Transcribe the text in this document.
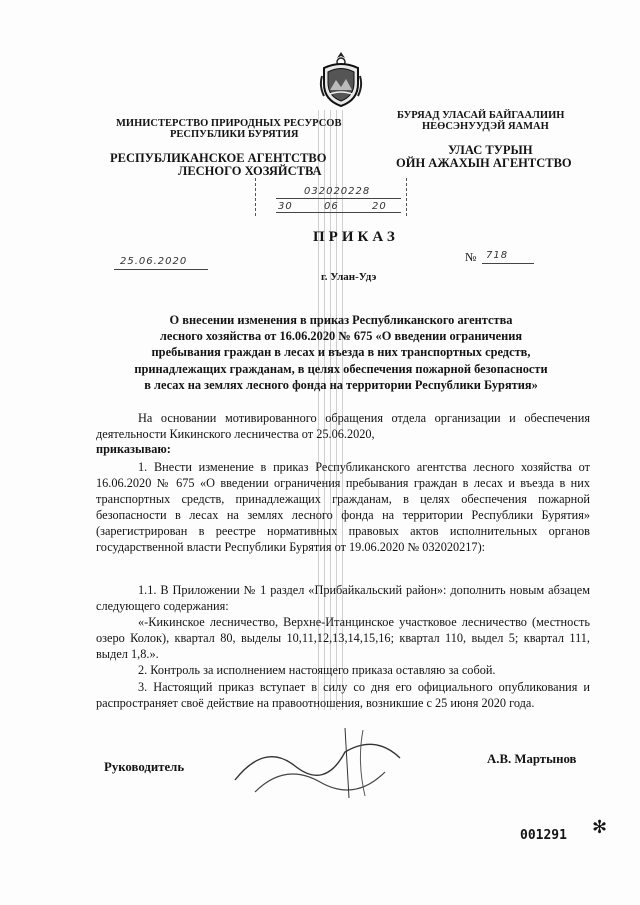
МИНИСТЕРСТВО ПРИРОДНЫХ РЕСУРСОВ
РЕСПУБЛИКИ БУРЯТИЯ
БУРЯАД УЛАСАЙ БАЙГААЛИИН
НЕӨСЭНУУДЭЙ ЯАМАН
РЕСПУБЛИКАНСКОЕ АГЕНТСТВО
ЛЕСНОГО ХОЗЯЙСТВА
УЛАС ТУРЫН
ОЙН АЖАХЫН АГЕНТСТВО
032020228
30	06	20
ПРИКАЗ
25.06.2020	№ 718
г. Улан-Удэ
О внесении изменения в приказ Республиканского агентства
лесного хозяйства от 16.06.2020 № 675 «О введении ограничения
пребывания граждан в лесах и въезда в них транспортных средств,
принадлежащих гражданам, в целях обеспечения пожарной безопасности
в лесах на землях лесного фонда на территории Республики Бурятия»
На основании мотивированного обращения отдела организации и обеспечения деятельности Кикинского лесничества от 25.06.2020,
приказываю:
1. Внести изменение в приказ Республиканского агентства лесного хозяйства от 16.06.2020 № 675 «О введении ограничения пребывания граждан в лесах и въезда в них транспортных средств, принадлежащих гражданам, в целях обеспечения пожарной безопасности в лесах на землях лесного фонда на территории Республики Бурятия» (зарегистрирован в реестре нормативных правовых актов исполнительных органов государственной власти Республики Бурятия от 19.06.2020 № 032020217):
1.1. В Приложении № 1 раздел «Прибайкальский район»: дополнить новым абзацем следующего содержания:
«-Кикинское лесничество, Верхне-Итанцинское участковое лесничество (местность озеро Колок), квартал 80, выделы 10,11,12,13,14,15,16; квартал 110, выдел 5; квартал 111, выдел 1,8.».
2. Контроль за исполнением настоящего приказа оставляю за собой.
3. Настоящий приказ вступает в силу со дня его официального опубликования и распространяет своё действие на правоотношения, возникшие с 25 июня 2020 года.
Руководитель
А.В. Мартынов
001291 ✻
